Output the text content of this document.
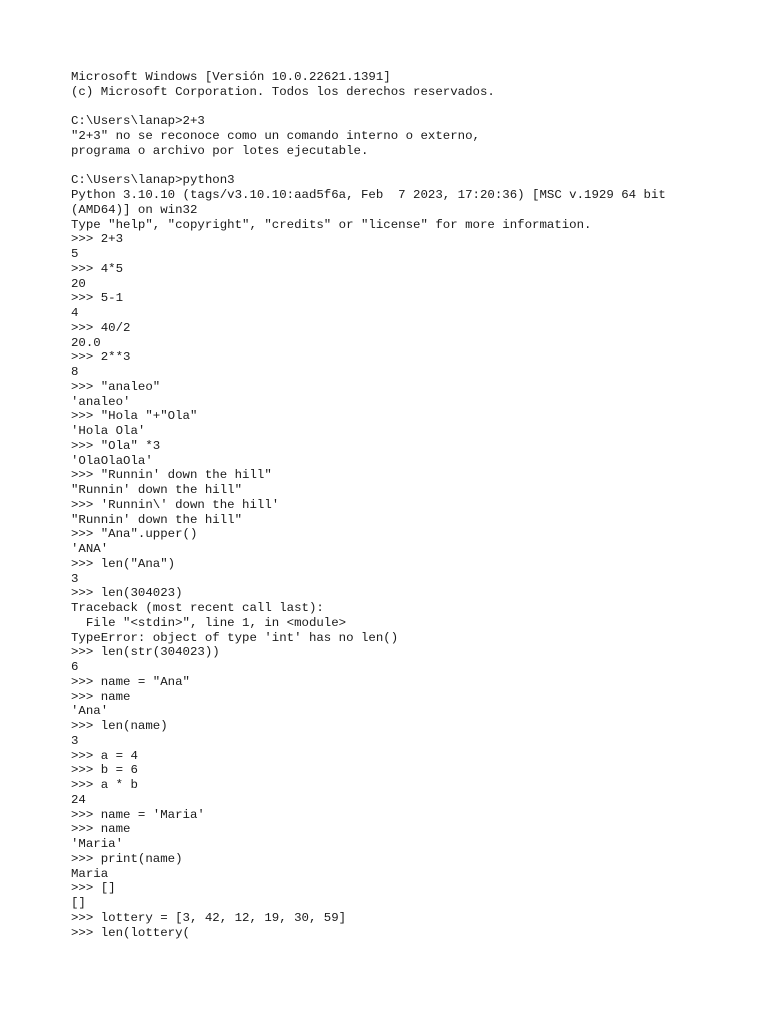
Microsoft Windows [Versión 10.0.22621.1391]
(c) Microsoft Corporation. Todos los derechos reservados.
C:\Users\lanap>2+3
"2+3" no se reconoce como un comando interno o externo,
programa o archivo por lotes ejecutable.
C:\Users\lanap>python3
Python 3.10.10 (tags/v3.10.10:aad5f6a, Feb  7 2023, 17:20:36) [MSC v.1929 64 bit
(AMD64)] on win32
Type "help", "copyright", "credits" or "license" for more information.
>>> 2+3
5
>>> 4*5
20
>>> 5-1
4
>>> 40/2
20.0
>>> 2**3
8
>>> "analeo"
'analeo'
>>> "Hola "+"Ola"
'Hola Ola'
>>> "Ola" *3
'OlaOlaOla'
>>> "Runnin' down the hill"
"Runnin' down the hill"
>>> 'Runnin\' down the hill'
"Runnin' down the hill"
>>> "Ana".upper()
'ANA'
>>> len("Ana")
3
>>> len(304023)
Traceback (most recent call last):
File "<stdin>", line 1, in <module>
TypeError: object of type 'int' has no len()
>>> len(str(304023))
6
>>> name = "Ana"
>>> name
'Ana'
>>> len(name)
3
>>> a = 4
>>> b = 6
>>> a * b
24
>>> name = 'Maria'
>>> name
'Maria'
>>> print(name)
Maria
>>> []
[]
>>> lottery = [3, 42, 12, 19, 30, 59]
>>> len(lottery(
